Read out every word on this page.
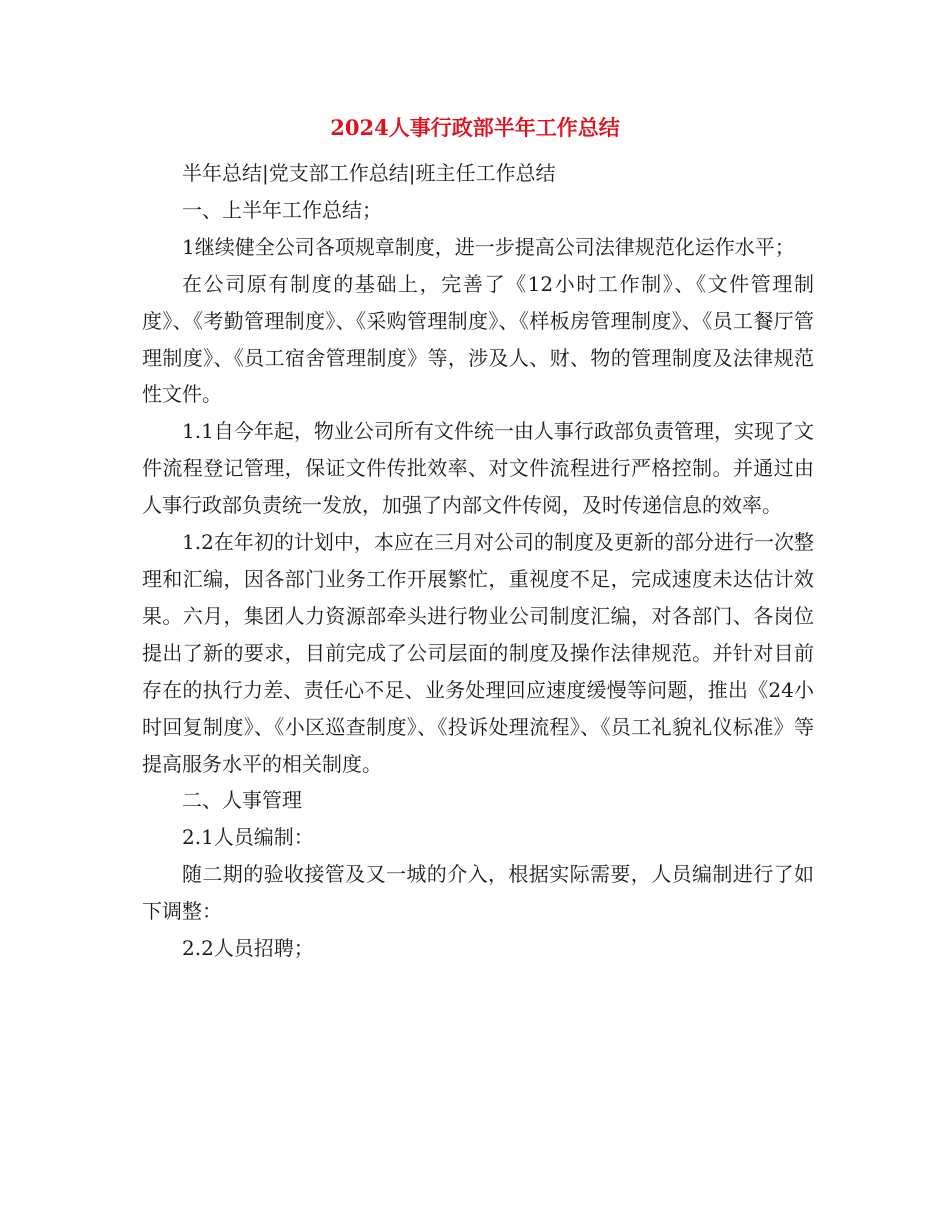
2024人事行政部半年工作总结

半年总结|党支部工作总结|班主任工作总结

一、上半年工作总结；

1继续健全公司各项规章制度，进一步提高公司法律规范化运作水平；

在公司原有制度的基础上，完善了《12小时工作制》、《文件管理制度》、《考勤管理制度》、《采购管理制度》、《样板房管理制度》、《员工餐厅管理制度》、《员工宿舍管理制度》等，涉及人、财、物的管理制度及法律规范性文件。

1.1自今年起，物业公司所有文件统一由人事行政部负责管理，实现了文件流程登记管理，保证文件传批效率、对文件流程进行严格控制。并通过由人事行政部负责统一发放，加强了内部文件传阅，及时传递信息的效率。

1.2在年初的计划中，本应在三月对公司的制度及更新的部分进行一次整理和汇编，因各部门业务工作开展繁忙，重视度不足，完成速度未达估计效果。六月，集团人力资源部牵头进行物业公司制度汇编，对各部门、各岗位提出了新的要求，目前完成了公司层面的制度及操作法律规范。并针对目前存在的执行力差、责任心不足、业务处理回应速度缓慢等问题，推出《24小时回复制度》、《小区巡查制度》、《投诉处理流程》、《员工礼貌礼仪标准》等提高服务水平的相关制度。

二、人事管理

2.1人员编制：

随二期的验收接管及又一城的介入，根据实际需要，人员编制进行了如下调整：

2.2人员招聘；
